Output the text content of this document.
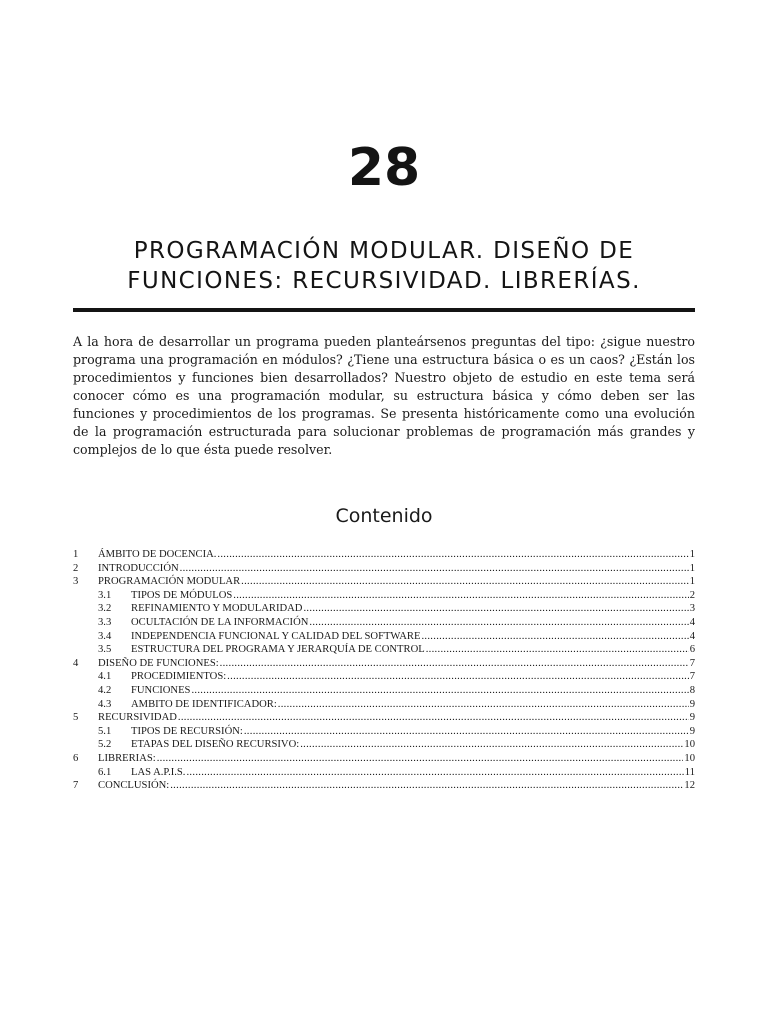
28
PROGRAMACIÓN MODULAR. DISEÑO DE
FUNCIONES: RECURSIVIDAD. LIBRERÍAS.

A la hora de desarrollar un programa pueden planteársenos preguntas del tipo: ¿sigue nuestro programa una programación en módulos? ¿Tiene una estructura básica o es un caos? ¿Están los procedimientos y funciones bien desarrollados? Nuestro objeto de estudio en este tema será conocer cómo es una programación modular, su estructura básica y cómo deben ser las funciones y procedimientos de los programas. Se presenta históricamente como una evolución de la programación estructurada para solucionar problemas de programación más grandes y complejos de lo que ésta puede resolver.

Contenido
1	ÁMBITO DE DOCENCIA. .....	1
2	INTRODUCCIÓN .....	1
3	PROGRAMACIÓN MODULAR .....	1
3.1	TIPOS DE MÓDULOS .....	2
3.2	REFINAMIENTO Y MODULARIDAD .....	3
3.3	OCULTACIÓN DE LA INFORMACIÓN .....	4
3.4	INDEPENDENCIA FUNCIONAL Y CALIDAD DEL SOFTWARE .....	4
3.5	ESTRUCTURA DEL PROGRAMA Y JERARQUÍA DE CONTROL .....	6
4	DISEÑO DE FUNCIONES: .....	7
4.1	PROCEDIMIENTOS: .....	7
4.2	FUNCIONES .....	8
4.3	AMBITO DE IDENTIFICADOR: .....	9
5	RECURSIVIDAD .....	9
5.1	TIPOS DE RECURSIÓN: .....	9
5.2	ETAPAS DEL DISEÑO RECURSIVO: .....	10
6	LIBRERIAS: .....	10
6.1	LAS A.P.I.S. .....	11
7	CONCLUSIÓN: .....	12
